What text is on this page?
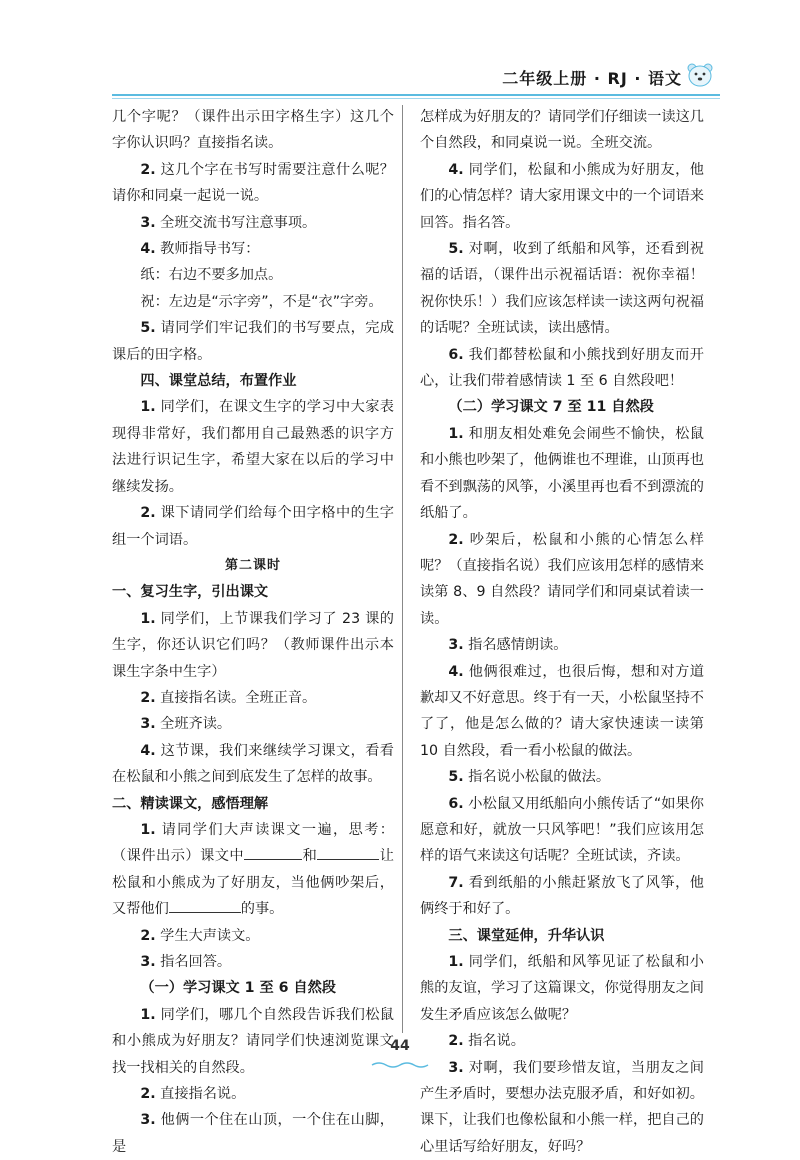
二年级上册 · RJ · 语文

几个字呢？（课件出示田字格生字）这几个字你认识吗？直接指名读。

2. 这几个字在书写时需要注意什么呢？请你和同桌一起说一说。

3. 全班交流书写注意事项。

4. 教师指导书写：

纸：右边不要多加点。

祝：左边是“示字旁”，不是“衣”字旁。

5. 请同学们牢记我们的书写要点，完成课后的田字格。

四、课堂总结，布置作业

1. 同学们，在课文生字的学习中大家表现得非常好，我们都用自己最熟悉的识字方法进行识记生字，希望大家在以后的学习中继续发扬。

2. 课下请同学们给每个田字格中的生字组一个词语。

第二课时

一、复习生字，引出课文

1. 同学们，上节课我们学习了 23 课的生字，你还认识它们吗？（教师课件出示本课生字条中生字）

2. 直接指名读。全班正音。

3. 全班齐读。

4. 这节课，我们来继续学习课文，看看在松鼠和小熊之间到底发生了怎样的故事。

二、精读课文，感悟理解

1. 请同学们大声读课文一遍，思考：（课件出示）课文中	和	让松鼠和小熊成为了好朋友，当他俩吵架后，又帮他们	的事。

2. 学生大声读文。

3. 指名回答。

（一）学习课文 1 至 6 自然段

1. 同学们，哪几个自然段告诉我们松鼠和小熊成为好朋友？请同学们快速浏览课文找一找相关的自然段。

2. 直接指名说。

3. 他俩一个住在山顶，一个住在山脚，是

怎样成为好朋友的？请同学们仔细读一读这几个自然段，和同桌说一说。全班交流。

4. 同学们，松鼠和小熊成为好朋友，他们的心情怎样？请大家用课文中的一个词语来回答。指名答。

5. 对啊，收到了纸船和风筝，还看到祝福的话语，（课件出示祝福话语：祝你幸福！祝你快乐！）我们应该怎样读一读这两句祝福的话呢？全班试读，读出感情。

6. 我们都替松鼠和小熊找到好朋友而开心，让我们带着感情读 1 至 6 自然段吧！

（二）学习课文 7 至 11 自然段

1. 和朋友相处难免会闹些不愉快，松鼠和小熊也吵架了，他俩谁也不理谁，山顶再也看不到飘荡的风筝，小溪里再也看不到漂流的纸船了。

2. 吵架后，松鼠和小熊的心情怎么样呢？（直接指名说）我们应该用怎样的感情来读第 8、9 自然段？请同学们和同桌试着读一读。

3. 指名感情朗读。

4. 他俩很难过，也很后悔，想和对方道歉却又不好意思。终于有一天，小松鼠坚持不了了，他是怎么做的？请大家快速读一读第 10 自然段，看一看小松鼠的做法。

5. 指名说小松鼠的做法。

6. 小松鼠又用纸船向小熊传话了“如果你愿意和好，就放一只风筝吧！”我们应该用怎样的语气来读这句话呢？全班试读，齐读。

7. 看到纸船的小熊赶紧放飞了风筝，他俩终于和好了。

三、课堂延伸，升华认识

1. 同学们，纸船和风筝见证了松鼠和小熊的友谊，学习了这篇课文，你觉得朋友之间发生矛盾应该怎么做呢？

2. 指名说。

3. 对啊，我们要珍惜友谊，当朋友之间产生矛盾时，要想办法克服矛盾，和好如初。课下，让我们也像松鼠和小熊一样，把自己的心里话写给好朋友，好吗？

44
